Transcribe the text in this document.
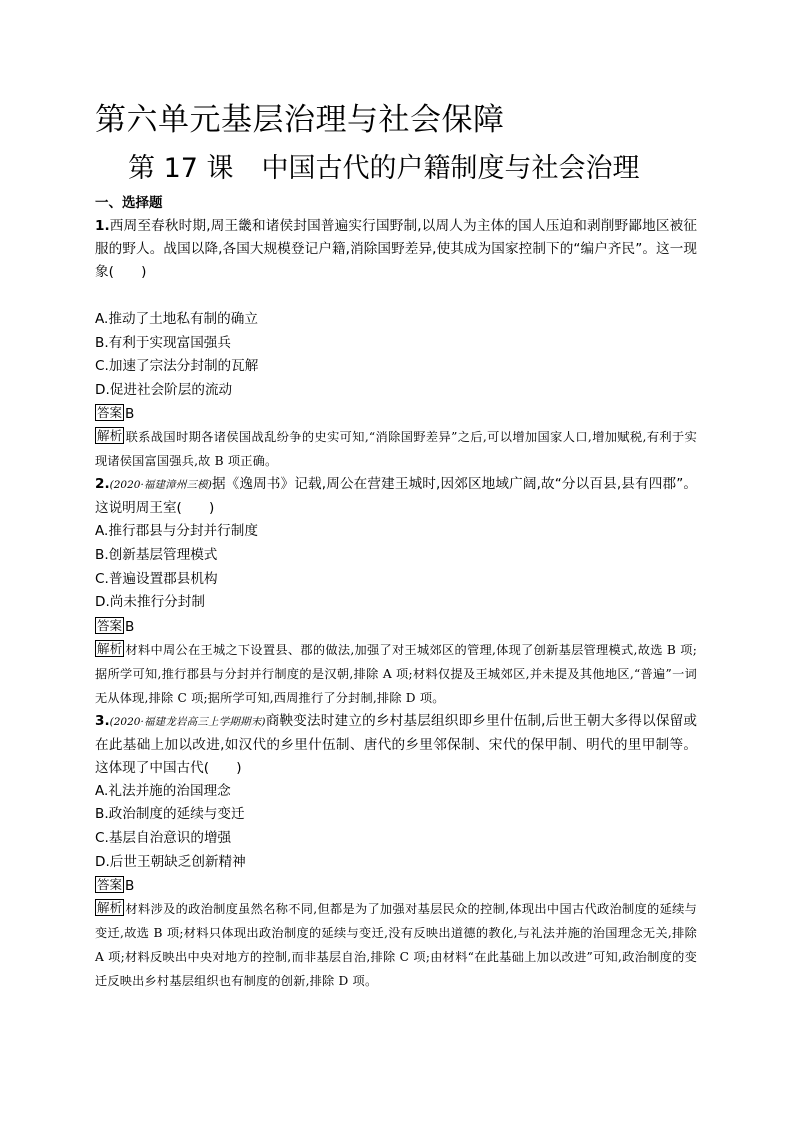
第六单元基层治理与社会保障
第 17 课 中国古代的户籍制度与社会治理
一、选择题

1.西周至春秋时期,周王畿和诸侯封国普遍实行国野制,以周人为主体的国人压迫和剥削野鄙地区被征服的野人。战国以降,各国大规模登记户籍,消除国野差异,使其成为国家控制下的“编户齐民”。这一现象(　　)

A.推动了土地私有制的确立
B.有利于实现富国强兵
C.加速了宗法分封制的瓦解
D.促进社会阶层的流动
答案 B

解析 联系战国时期各诸侯国战乱纷争的史实可知,“消除国野差异”之后,可以增加国家人口,增加赋税,有利于实现诸侯国富国强兵,故 B 项正确。

2.(2020·福建漳州三模)据《逸周书》记载,周公在营建王城时,因郊区地域广阔,故“分以百县,县有四郡”。这说明周王室(　　)

A.推行郡县与分封并行制度
B.创新基层管理模式
C.普遍设置郡县机构
D.尚未推行分封制
答案 B

解析 材料中周公在王城之下设置县、郡的做法,加强了对王城郊区的管理,体现了创新基层管理模式,故选 B 项;据所学可知,推行郡县与分封并行制度的是汉朝,排除 A 项;材料仅提及王城郊区,并未提及其他地区,“普遍”一词无从体现,排除 C 项;据所学可知,西周推行了分封制,排除 D 项。

3.(2020·福建龙岩高三上学期期末)商鞅变法时建立的乡村基层组织即乡里什伍制,后世王朝大多得以保留或在此基础上加以改进,如汉代的乡里什伍制、唐代的乡里邻保制、宋代的保甲制、明代的里甲制等。这体现了中国古代(　　)

A.礼法并施的治国理念
B.政治制度的延续与变迁
C.基层自治意识的增强
D.后世王朝缺乏创新精神
答案 B

解析 材料涉及的政治制度虽然名称不同,但都是为了加强对基层民众的控制,体现出中国古代政治制度的延续与变迁,故选 B 项;材料只体现出政治制度的延续与变迁,没有反映出道德的教化,与礼法并施的治国理念无关,排除 A 项;材料反映出中央对地方的控制,而非基层自治,排除 C 项;由材料“在此基础上加以改进”可知,政治制度的变迁反映出乡村基层组织也有制度的创新,排除 D 项。
